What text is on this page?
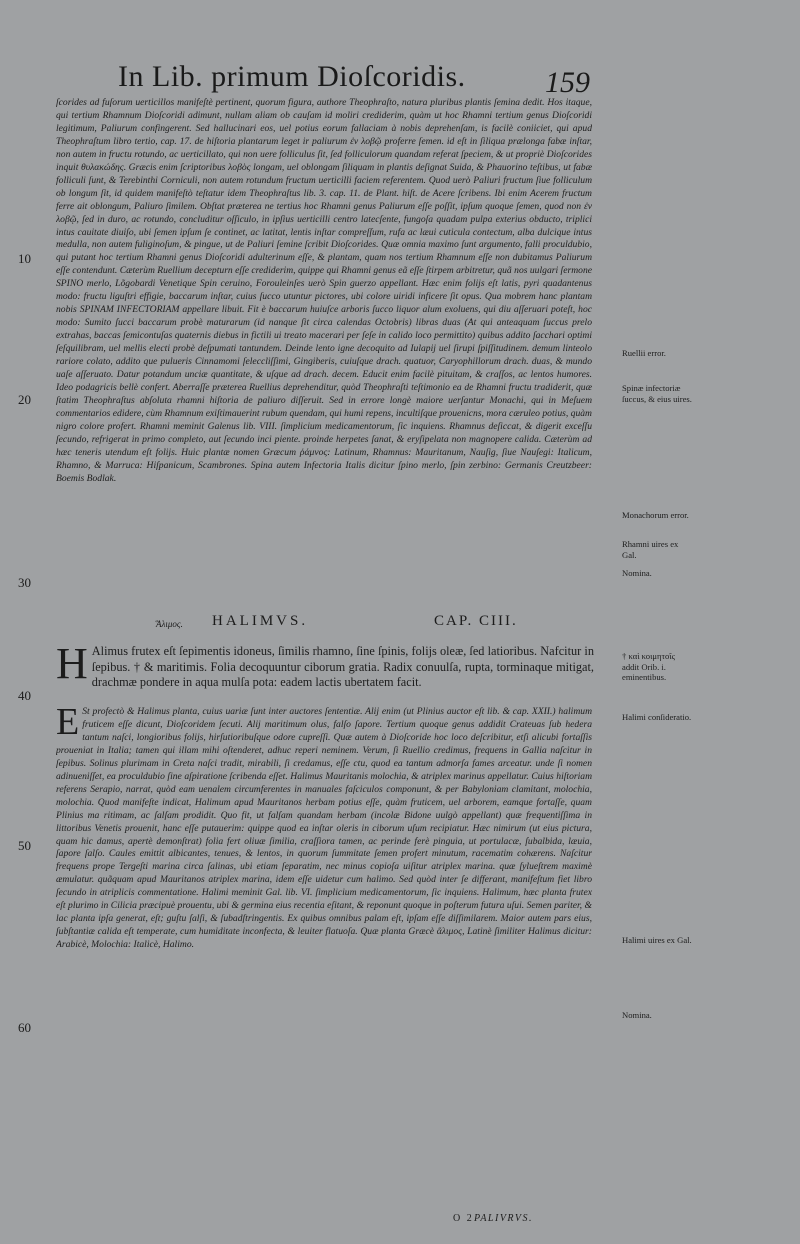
In Lib. primum Dioſcoridis.	159

ſcorides ad fuſorum uerticillos manifeſtè pertinent, quorum figura, authore Theophraſto, natura pluribus plantis ſemina dedit. Hos itaque, qui tertium Rhamnum Dioſcoridi adimunt, nullam aliam ob cauſam id moliri crediderim, quàm ut hoc Rhamni tertium genus Dioſcoridi legitimum, Paliurum confingerent. Sed hallucinari eos, uel potius eorum fallaciam à nobis deprehenſam, is facilè coniiciet, qui apud Theophraſtum libro tertio, cap. 17. de hiſtoria plantarum leget ir paliurum ἐν λοβῷ proferre ſemen. id eſt in ſiliqua prælonga fabæ inſtar, non autem in fructu rotundo, ac uerticillato, qui non uere folliculus ſit, ſed folliculorum quandam referat ſpeciem, & ut propriè Dioſcorides inquit θυλακώδης. Græcis enim ſcriptoribus λοβὸς longam, uel oblongam ſiliquam in plantis deſignat Suida, & Phauorino teſtibus, ut fabæ folliculi ſunt, & Terebinthi Corniculi, non autem rotundum fructum uerticilli faciem referentem. Quod uerò Paliuri fructum ſiue folliculum ob longum ſit, id quidem manifeſtò teſtatur idem Theophraſtus lib. 3. cap. 11. de Plant. hiſt. de Acere ſcribens. Ibi enim Acerem fructum ferre ait oblongum, Paliuro ſimilem. Obſtat præterea ne tertius hoc Rhamni genus Paliurum eſſe poſſit, ipſum quoque ſemen, quod non ἐν λοβῷ, ſed in duro, ac rotundo, concluditur oſſiculo, in ipſius uerticilli centro latecſente, fungoſa quadam pulpa exterius obducto, triplici intus cauitate diuiſo, ubi ſemen ipſum ſe continet, ac latitat, lentis inſtar compreſſum, rufa ac læui cuticula contectum, alba dulcique intus medulla, non autem fuliginoſum, & pingue, ut de Paliuri ſemine ſcribit Dioſcorides. Quæ omnia maximo ſunt argumento, falli proculdubio, qui putant hoc tertium Rhamni genus Dioſcoridi adulterinum eſſe, & plantam, quam nos tertium Rhamnum eſſe non dubitamus Paliurum eſſe contendunt. Cæterùm Ruellium decepturn eſſe crediderim, quippe qui Rhamni genus eã eſſe ſtirpem arbitretur, quã nos uulgari ſermone SPINO merlo, Lõgobardi Venetique Spin ceruino, Forouleinſes uerò Spin guerzo appellant. Hæc enim folijs eſt latis, pyri quadantenus modo: fructu liguſtri effigie, baccarum inſtar, cuius ſucco utuntur pictores, ubi colore uiridi inficere ſit opus. Qua mobrem hanc plantam nobis SPINAM INFECTORIAM appellare libuit. Fit è baccarum huiuſce arboris ſucco liquor alum exoluens, qui diu aſſeruari poteſt, hoc modo: Sumito ſucci baccarum probè maturarum (id nanque ſit circa calendas Octobris) libras duas (At qui anteaquam ſuccus prelo extrahas, baccas ſemicontuſas quaternis diebus in fictili ui treato macerari per ſeſe in calido loco permittito) quibus addito ſacchari optimi ſeſquilibram, uel mellis electi probè deſpumati tantundem. Deinde lento igne decoquito ad Iulapij uel ſirupi ſpiſſitudinem. demum linteolo rariore colato, addito que pulueris Cinnamomi ſeleccliſſimi, Gingiberis, cuiuſque drach. quatuor, Caryophillorum drach. duas, & mundo uaſe aſſeruato. Datur potandum unciæ quantitate, & uſque ad drach. decem. Educit enim facilè pituitam, & craſſos, ac lentos humores. Ideo podagricis bellè confert. Aberraſſe præterea Ruellius deprehenditur, quòd Theophraſti teſtimonio ea de Rhamni fructu tradiderit, quæ ſtatim Theophraſtus abſoluta rhamni hiſtoria de paliuro diſſeruit. Sed in errore longè maiore uerſantur Monachi, qui in Meſuem commentarios edidere, cùm Rhamnum exiſtimauerint rubum quendam, qui humi repens, incultiſque prouenicns, mora cæruleo potius, quàm nigro colore profert. Rhamni meminit Galenus lib. VIII. ſimplicium medicamentorum, ſic inquiens. Rhamnus deſiccat, & digerit exceſſu ſecundo, refrigerat in primo completo, aut ſecundo inci piente. proinde herpetes ſanat, & eryſipelata non magnopere calida. Cæterùm ad hæc teneris utendum eſt folijs. Huic plantæ nomen Græcum ῥάμνος: Latinum, Rhamnus: Mauritanum, Nauſig, ſiue Nauſegi: Italicum, Rhamno, & Marruca: Hiſpanicum, Scambrones. Spina autem Infectoria Italis dicitur ſpino merlo, ſpin zerbino: Germanis Creutzbeer: Boemis Bodlak.

Ἅλιμος. HALIMVS.	CAP. CIII.

H Alimus frutex eſt ſepimentis idoneus, ſimilis rhamno, ſine ſpinis, folijs oleæ, ſed latioribus. Nafcitur in ſepibus. † & maritimis. Folia decoquuntur ciborum gratia. Radix conuulſa, rupta, torminaque mitigat, drachmæ pondere in aqua mulſa pota: eadem lactis ubertatem facit.

E St profectò & Halimus planta, cuius uariæ ſunt inter auctores ſententiæ. Alij enim (ut Plinius auctor eſt lib. & cap. XXII.) halimum fruticem eſſe dicunt, Dioſcoridem ſecuti. Alij maritimum olus, falſo ſapore. Tertium quoque genus addidit Crateuas ſub hedera tantum naſci, longioribus folijs, hirſutioribuſque odore cupreſſi. Quæ autem à Dioſcoride hoc loco deſcribitur, etſi alicubi fortaſſis proueniat in Italia; tamen qui illam mihi oſtenderet, adhuc reperi neminem. Verum, ſi Ruellio credimus, frequens in Gallia naſcitur in ſepibus. Solinus plurimam in Creta naſci tradit, mirabili, ſi credamus, eſſe ctu, quod ea tantum admorſa fames arceatur. unde ſi nomen adinueniſſet, ea proculdubio ſine aſpiratione ſcribenda eſſet. Halimus Mauritanis molochia, & atriplex marinus appellatur. Cuius hiſtoriam referens Serapio, narrat, quòd eam uenalem circumferentes in manuales faſciculos componunt, & per Babyloniam clamitant, molochia, molochia. Quod manifeſte indicat, Halimum apud Mauritanos herbam potius eſſe, quàm fruticem, uel arborem, eamque fortaſſe, quam Plinius ma ritimam, ac ſalſam prodidit. Quo fit, ut falſam quandam herbam (incolæ Bidone uulgò appellant) quæ frequentiſſima in littoribus Venetis prouenit, hanc eſſe putauerim: quippe quod ea inſtar oleris in ciborum uſum recipiatur. Hæc nimirum (ut eius pictura, quam hic damus, apertè demonſtrat) folia fert oliuæ ſimilia, craſſiora tamen, ac perinde ferè pinguia, ut portulacæ, ſubalbida, læuia, ſapore ſalſo. Caules emittit albicantes, tenues, & lentos, in quorum ſummitate ſemen profert minutum, racematim cohærens. Naſcitur frequens prope Tergeſti marina circa ſalinas, ubi etiam ſeparatim, nec minus copioſa uiſitur atriplex marina. quæ ſylueſtrem maximè æmulatur. quãquam apud Mauritanos atriplex marina, idem eſſe uidetur cum halimo. Sed quòd inter ſe differant, manifeſtum fiet libro ſecundo in atriplicis commentatione. Halimi meminit Gal. lib. VI. ſimplicium medicamentorum, ſic inquiens. Halimum, hæc planta frutex eſt plurimo in Cilicia præcipuè prouentu, ubi & germina eius recentia eſitant, & reponunt quoque in poſterum futura uſui. Semen pariter, & lac planta ipſa generat, eſt; guſtu ſalſi, & ſubadſtringentis. Ex quibus omnibus palam eſt, ipſam eſſe diſſimilarem. Maior autem pars eius, ſubſtantiæ calida eſt temperate, cum humiditate inconfecta, & leuiter flatuoſa. Quæ planta Græcè ἅλιμος, Latinè ſimiliter Halimus dicitur: Arabicè, Molochia: Italicè, Halimo.

10
20
30
40
50
60
Ruellii error.
Spinæ infectoriæ ſuccus, & eius uires.
Monachorum error.
Rhamni uires ex Gal.
Nomina.
† καὶ κοιμητοῖς addit Orib. i. eminentibus.
Halimi conſideratio.
Halimi uires ex Gal.
Nomina.
O 2 PALIVRVS.
